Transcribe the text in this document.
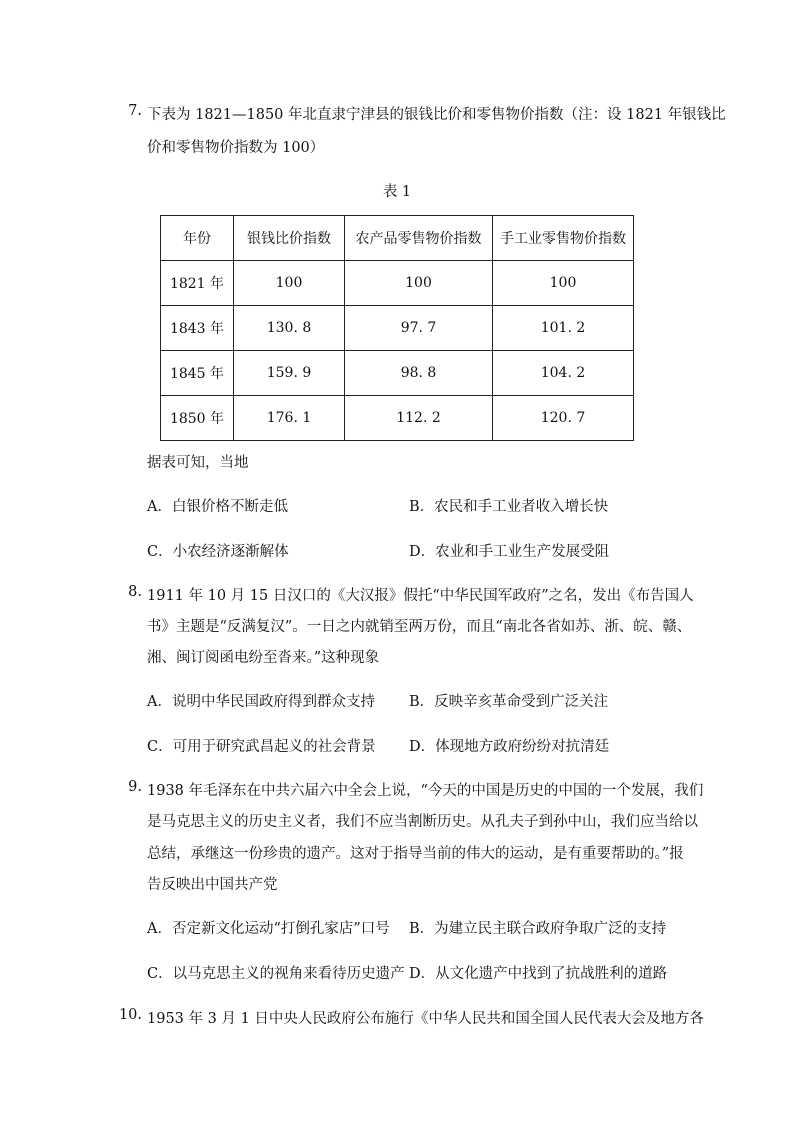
7. 下表为 1821—1850 年北直隶宁津县的银钱比价和零售物价指数（注：设 1821 年银钱比
价和零售物价指数为 100）
表 1
年份	银钱比价指数	农产品零售物价指数	手工业零售物价指数
1821 年	100	100	100
1843 年	130. 8	97. 7	101. 2
1845 年	159. 9	98. 8	104. 2
1850 年	176. 1	112. 2	120. 7
据表可知，当地
A．白银价格不断走低	B．农民和手工业者收入增长快
C．小农经济逐渐解体	D．农业和手工业生产发展受阻
8. 1911 年 10 月 15 日汉口的《大汉报》假托“中华民国军政府”之名，发出《布告国人
书》主题是“反满复汉”。一日之内就销至两万份，而且“南北各省如苏、浙、皖、赣、
湘、闽订阅函电纷至沓来。”这种现象
A．说明中华民国政府得到群众支持 B．反映辛亥革命受到广泛关注
C．可用于研究武昌起义的社会背景 D．体现地方政府纷纷对抗清廷
9. 1938 年毛泽东在中共六届六中全会上说，“今天的中国是历史的中国的一个发展，我们
是马克思主义的历史主义者，我们不应当割断历史。从孔夫子到孙中山，我们应当给以
总结，承继这一份珍贵的遗产。这对于指导当前的伟大的运动，是有重要帮助的。”报
告反映出中国共产党
A．否定新文化运动“打倒孔家店”口号 B．为建立民主联合政府争取广泛的支持
C．以马克思主义的视角来看待历史遗产 D．从文化遗产中找到了抗战胜利的道路
10. 1953 年 3 月 1 日中央人民政府公布施行《中华人民共和国全国人民代表大会及地方各
